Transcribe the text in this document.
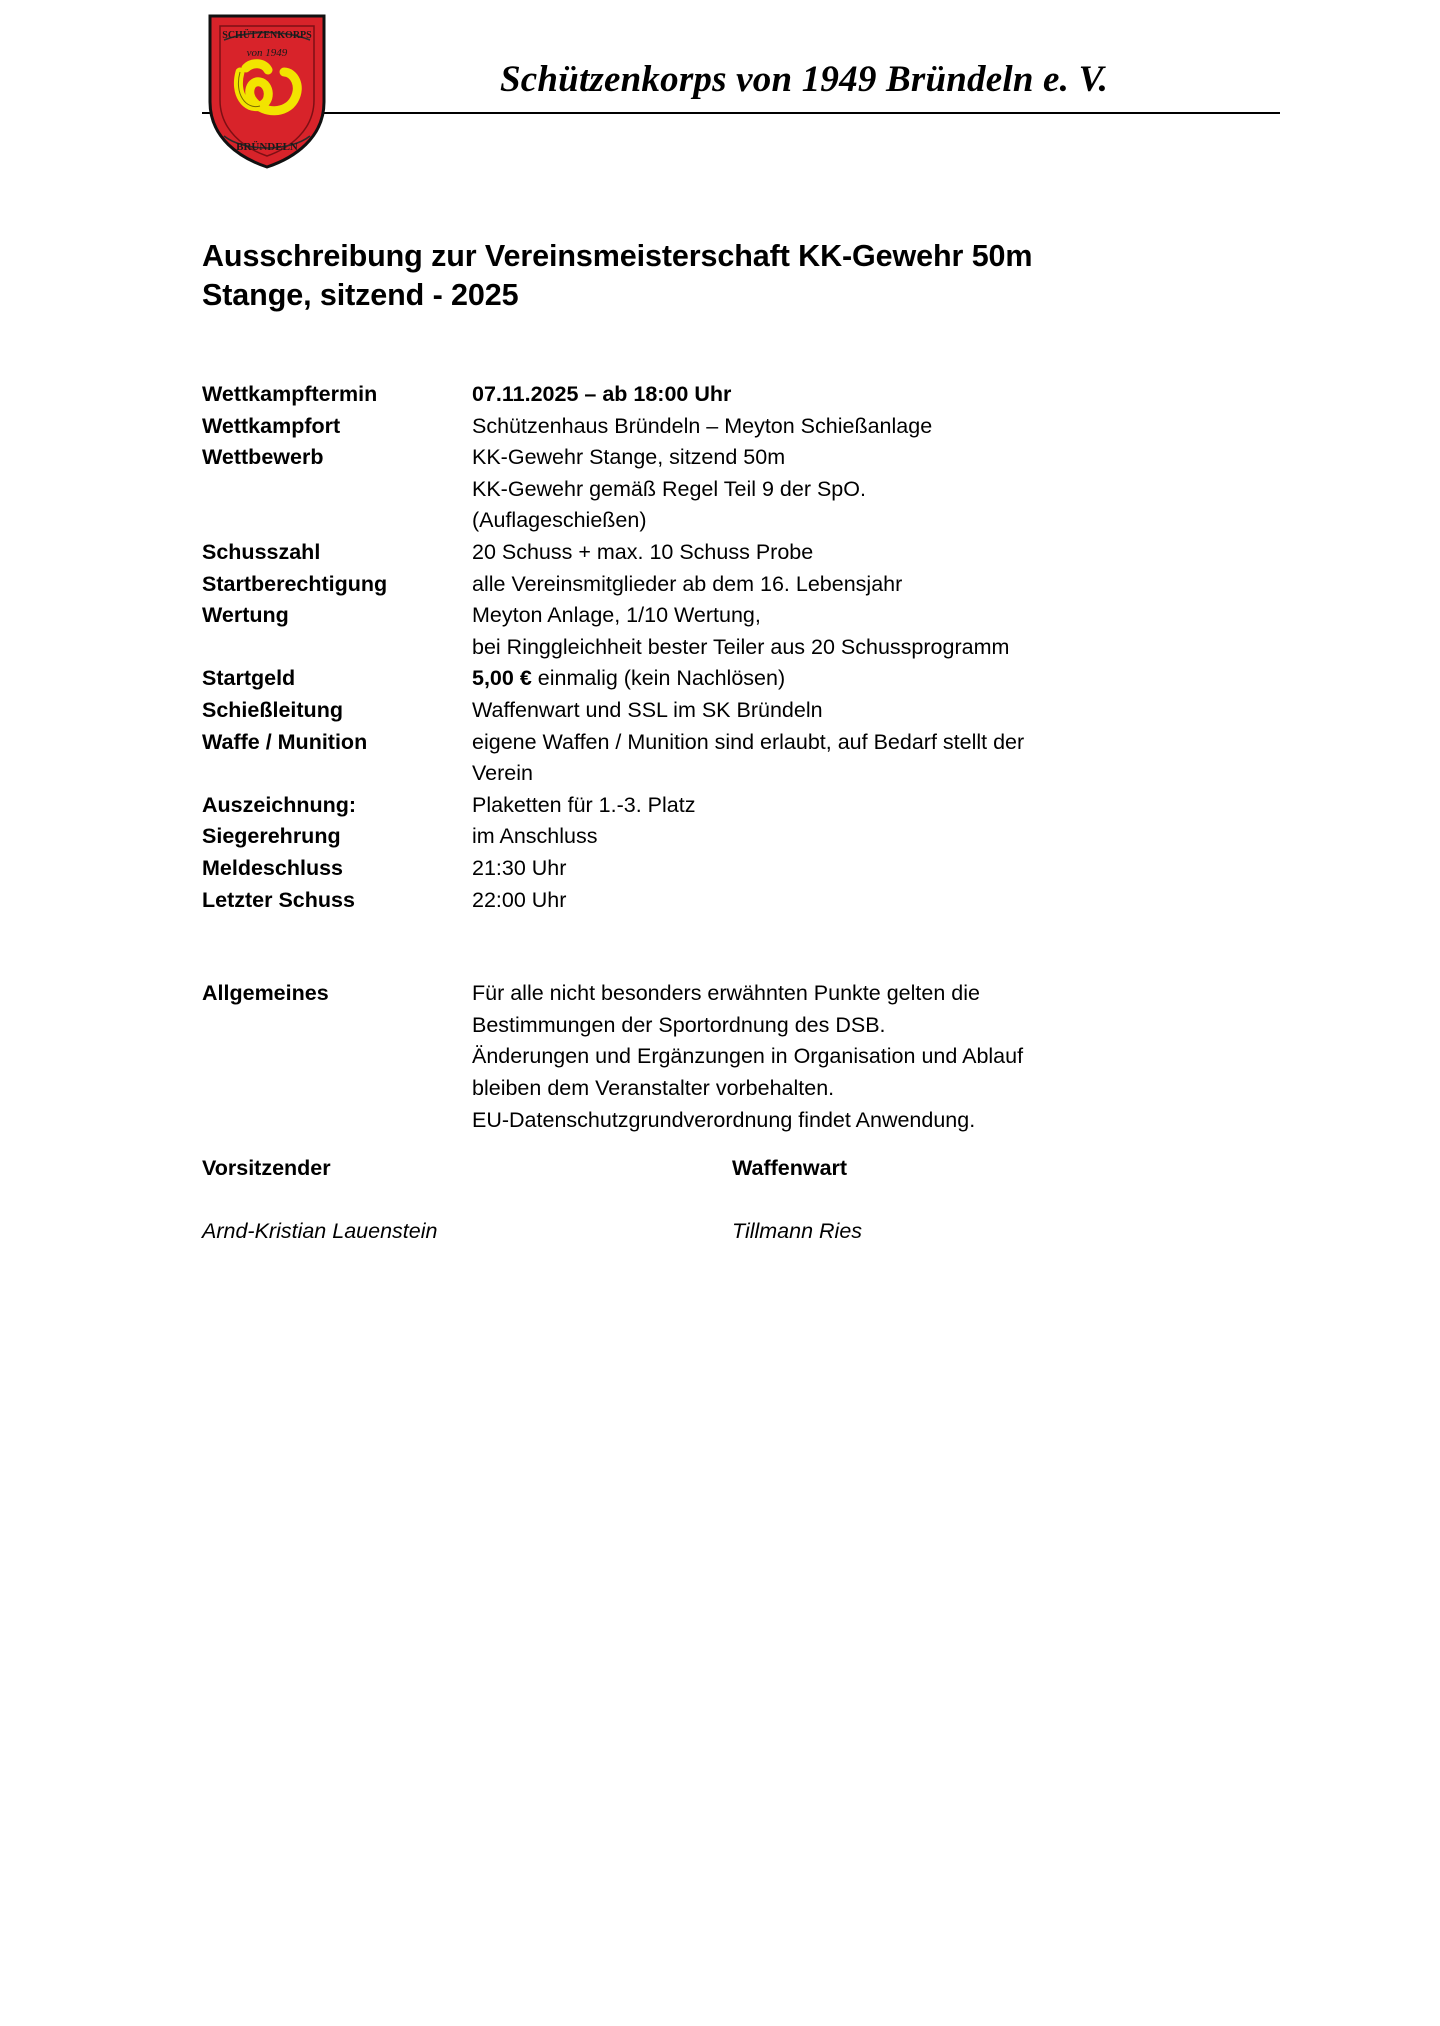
SCHÜTZENKORPS
von 1949
BRÜNDELN
Schützenkorps von 1949 Bründeln e. V.
Ausschreibung zur Vereinsmeisterschaft KK-Gewehr 50m Stange, sitzend - 2025
Wettkampftermin	07.11.2025 – ab 18:00 Uhr

Wettkampfort	Schützenhaus Bründeln – Meyton Schießanlage

Wettbewerb	KK-Gewehr Stange, sitzend 50m
KK-Gewehr gemäß Regel Teil 9 der SpO.
(Auflageschießen)

Schusszahl	20 Schuss + max. 10 Schuss Probe

Startberechtigung	alle Vereinsmitglieder ab dem 16. Lebensjahr

Wertung	Meyton Anlage, 1/10 Wertung,
bei Ringgleichheit bester Teiler aus 20 Schussprogramm

Startgeld	5,00 € einmalig (kein Nachlösen)

Schießleitung	Waffenwart und SSL im SK Bründeln

Waffe / Munition	eigene Waffen / Munition sind erlaubt, auf Bedarf stellt der
Verein

Auszeichnung:	Plaketten für 1.-3. Platz

Siegerehrung	im Anschluss

Meldeschluss	21:30 Uhr

Letzter Schuss	22:00 Uhr

Allgemeines	Für alle nicht besonders erwähnten Punkte gelten die
Bestimmungen der Sportordnung des DSB.
Änderungen und Ergänzungen in Organisation und Ablauf
bleiben dem Veranstalter vorbehalten.
EU-Datenschutzgrundverordnung findet Anwendung.
Vorsitzender
Arnd-Kristian Lauenstein
Waffenwart
Tillmann Ries
